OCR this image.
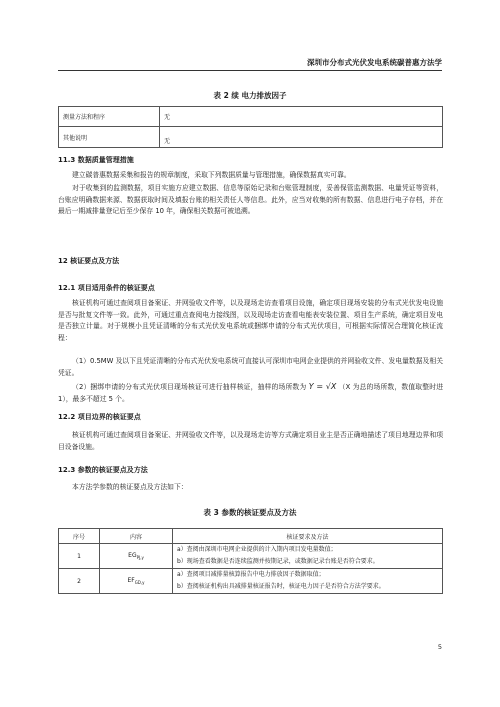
深圳市分布式光伏发电系统碳普惠方法学
表 2 续 电力排放因子
测量方法和程序	无
其他说明	无
11.3 数据质量管理措施
建立碳普惠数据采集和报告的规章制度，采取下列数据质量与管理措施，确保数据真实可靠。
对于收集到的监测数据，项目实施方应建立数据、信息等原始记录和台账管理制度，妥善保管监测数据、电量凭证等资料，台账应明确数据来源、数据获取时间及填报台账的相关责任人等信息。此外，应当对收集的所有数据、信息进行电子存档，并在最后一期减排量登记后至少保存 10 年，确保相关数据可被追溯。
12 核证要点及方法
12.1 项目适用条件的核证要点
核证机构可通过查阅项目备案证、并网验收文件等，以及现场走访查看项目设施，确定项目现场安装的分布式光伏发电设施是否与批复文件等一致。此外，可通过重点查阅电力接线图，以及现场走访查看电能表安装位置、项目生产系统，确定项目发电是否独立计量。对于规模小且凭证清晰的分布式光伏发电系统或捆绑申请的分布式光伏项目，可根据实际情况合理简化核证流程：
（1）0.5MW 及以下且凭证清晰的分布式光伏发电系统可直接认可深圳市电网企业提供的并网验收文件、发电量数据及相关凭证。
（2）捆绑申请的分布式光伏项目现场核证可进行抽样核证，抽样的场所数为 Y = √X （X 为总的场所数，数值取整时进 1），最多不超过 5 个。
12.2 项目边界的核证要点
核证机构可通过查阅项目备案证、并网验收文件等，以及现场走访等方式确定项目业主是否正确地描述了项目地理边界和项目设备设施。
12.3 参数的核证要点及方法
本方法学参数的核证要点及方法如下：
表 3 参数的核证要点及方法
序号	内容	核证要求及方法
1	$EG_{PJ,y}$	a）查阅由深圳市电网企业提供的计入期内项目发电量数值；
b）现场查看数据是否连续监测并按期记录，或数据记录台账是否符合要求。

2	$EF_{GD,y}$	a）查阅项目减排量核算报告中电力排放因子数据取值；
b）查阅核证机构出具减排量核证报告时，核证电力因子是否符合方法学要求。
5
